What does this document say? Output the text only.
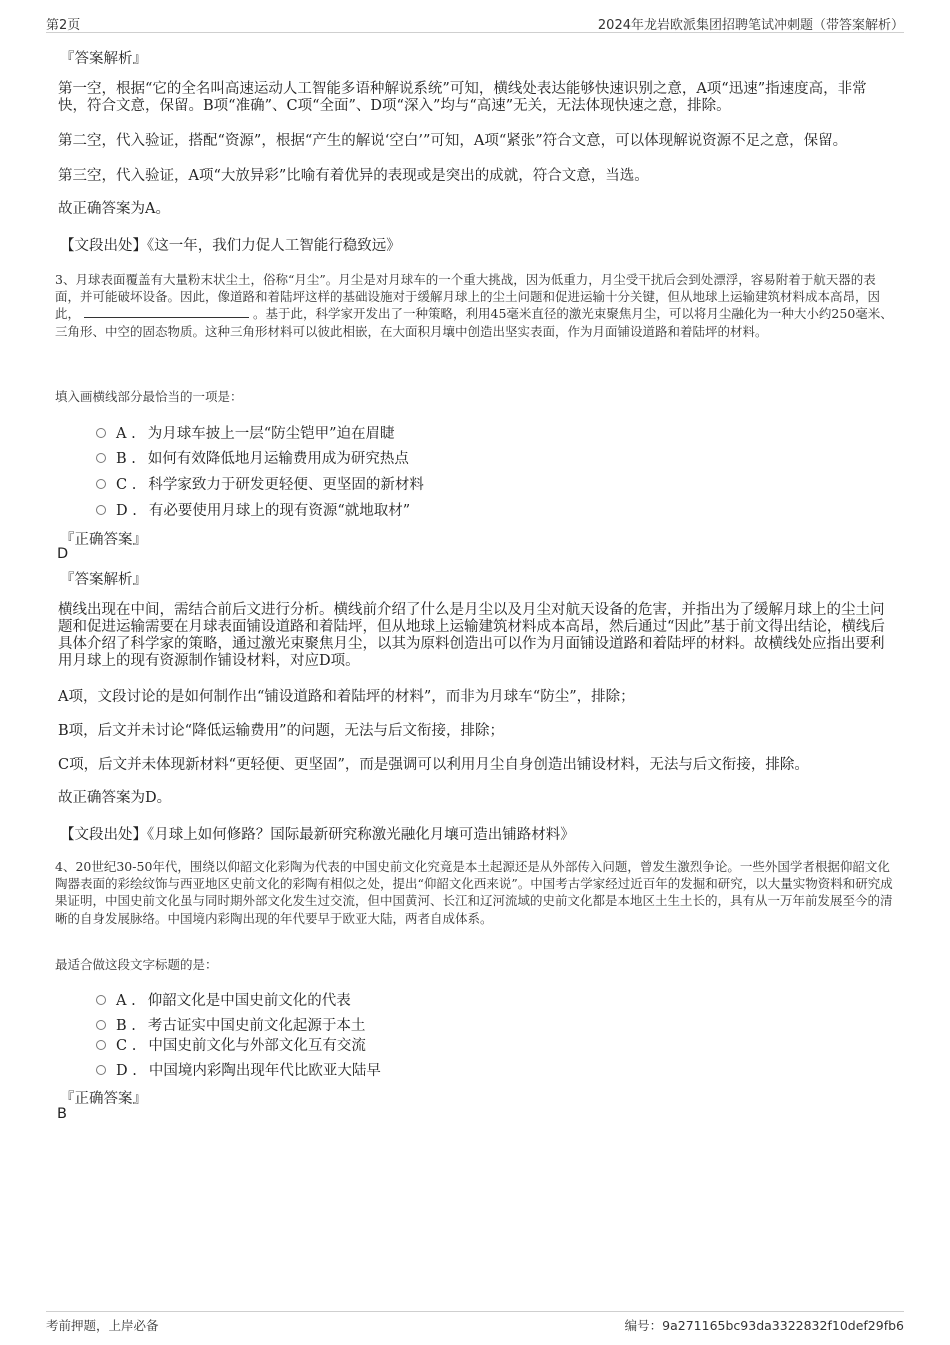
第2页	2024年龙岩欧派集团招聘笔试冲刺题（带答案解析）
『答案解析』

第一空，根据“它的全名叫高速运动人工智能多语种解说系统”可知，横线处表达能够快速识别之意，A项“迅速”指速度高，非常快，符合文意，保留。B项“准确”、C项“全面”、D项“深入”均与“高速”无关，无法体现快速之意，排除。

第二空，代入验证，搭配“资源”，根据“产生的解说‘空白’”可知，A项“紧张”符合文意，可以体现解说资源不足之意，保留。

第三空，代入验证，A项“大放异彩”比喻有着优异的表现或是突出的成就，符合文意，当选。

故正确答案为A。

【文段出处】《这一年，我们力促人工智能行稳致远》

3、月球表面覆盖有大量粉末状尘土，俗称“月尘”。月尘是对月球车的一个重大挑战，因为低重力，月尘受干扰后会到处漂浮，容易附着于航天器的表面，并可能破坏设备。因此，像道路和着陆坪这样的基础设施对于缓解月球上的尘土问题和促进运输十分关键，但从地球上运输建筑材料成本高昂，因此，	。基于此，科学家开发出了一种策略，利用45毫米直径的激光束聚焦月尘，可以将月尘融化为一种大小约250毫米、三角形、中空的固态物质。这种三角形材料可以彼此相嵌，在大面积月壤中创造出坚实表面，作为月面铺设道路和着陆坪的材料。

填入画横线部分最恰当的一项是：
A . 为月球车披上一层“防尘铠甲”迫在眉睫
B . 如何有效降低地月运输费用成为研究热点
C . 科学家致力于研发更轻便、更坚固的新材料
D . 有必要使用月球上的现有资源“就地取材”
『正确答案』
D
『答案解析』

横线出现在中间，需结合前后文进行分析。横线前介绍了什么是月尘以及月尘对航天设备的危害，并指出为了缓解月球上的尘土问题和促进运输需要在月球表面铺设道路和着陆坪，但从地球上运输建筑材料成本高昂，然后通过“因此”基于前文得出结论，横线后具体介绍了科学家的策略，通过激光束聚焦月尘，以其为原料创造出可以作为月面铺设道路和着陆坪的材料。故横线处应指出要利用月球上的现有资源制作铺设材料，对应D项。

A项，文段讨论的是如何制作出“铺设道路和着陆坪的材料”，而非为月球车“防尘”，排除；

B项，后文并未讨论“降低运输费用”的问题，无法与后文衔接，排除；

C项，后文并未体现新材料“更轻便、更坚固”，而是强调可以利用月尘自身创造出铺设材料，无法与后文衔接，排除。

故正确答案为D。

【文段出处】《月球上如何修路？国际最新研究称激光融化月壤可造出铺路材料》

4、20世纪30-50年代，围绕以仰韶文化彩陶为代表的中国史前文化究竟是本土起源还是从外部传入问题，曾发生激烈争论。一些外国学者根据仰韶文化陶器表面的彩绘纹饰与西亚地区史前文化的彩陶有相似之处，提出“仰韶文化西来说”。中国考古学家经过近百年的发掘和研究，以大量实物资料和研究成果证明，中国史前文化虽与同时期外部文化发生过交流，但中国黄河、长江和辽河流域的史前文化都是本地区土生土长的，具有从一万年前发展至今的清晰的自身发展脉络。中国境内彩陶出现的年代要早于欧亚大陆，两者自成体系。

最适合做这段文字标题的是：
A . 仰韶文化是中国史前文化的代表
B . 考古证实中国史前文化起源于本土
C . 中国史前文化与外部文化互有交流
D . 中国境内彩陶出现年代比欧亚大陆早
『正确答案』
B
考前押题，上岸必备	编号：9a271165bc93da3322832f10def29fb6
